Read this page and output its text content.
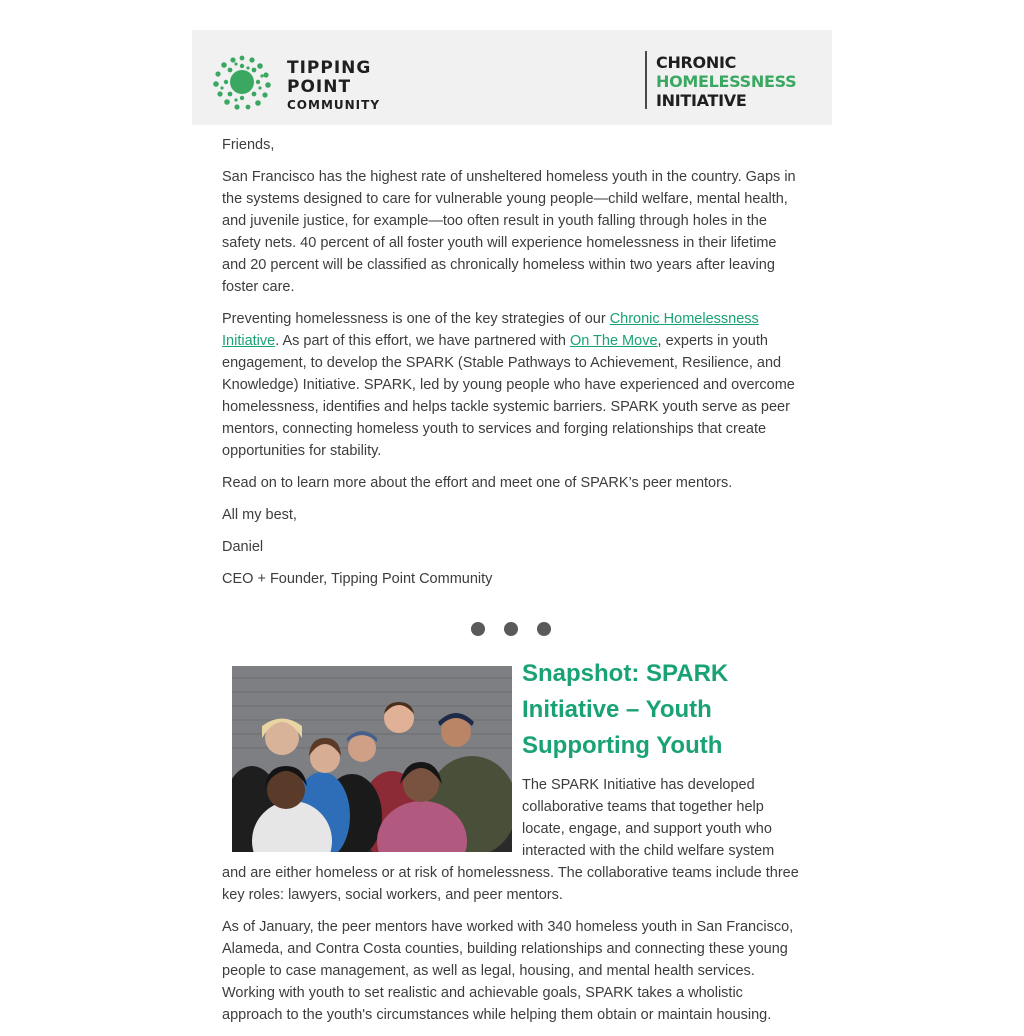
TIPPING
POINT
COMMUNITY
CHRONIC
HOMELESSNESS
INITIATIVE

Friends,

San Francisco has the highest rate of unsheltered homeless youth in the country. Gaps in the systems designed to care for vulnerable young people—child welfare, mental health, and juvenile justice, for example—too often result in youth falling through holes in the safety nets. 40 percent of all foster youth will experience homelessness in their lifetime and 20 percent will be classified as chronically homeless within two years after leaving foster care.

Preventing homelessness is one of the key strategies of our Chronic Homelessness Initiative. As part of this effort, we have partnered with On The Move, experts in youth engagement, to develop the SPARK (Stable Pathways to Achievement, Resilience, and Knowledge) Initiative. SPARK, led by young people who have experienced and overcome homelessness, identifies and helps tackle systemic barriers. SPARK youth serve as peer mentors, connecting homeless youth to services and forging relationships that create opportunities for stability.

Read on to learn more about the effort and meet one of SPARK’s peer mentors.

All my best,

Daniel

CEO + Founder, Tipping Point Community

Snapshot: SPARK Initiative – Youth Supporting Youth
The SPARK Initiative has developed collaborative teams that together help locate, engage, and support youth who interacted with the child welfare system

and are either homeless or at risk of homelessness. The collaborative teams include three key roles: lawyers, social workers, and peer mentors.

As of January, the peer mentors have worked with 340 homeless youth in San Francisco, Alameda, and Contra Costa counties, building relationships and connecting these young people to case management, as well as legal, housing, and mental health services. Working with youth to set realistic and achievable goals, SPARK takes a wholistic approach to the youth's circumstances while helping them obtain or maintain housing.
